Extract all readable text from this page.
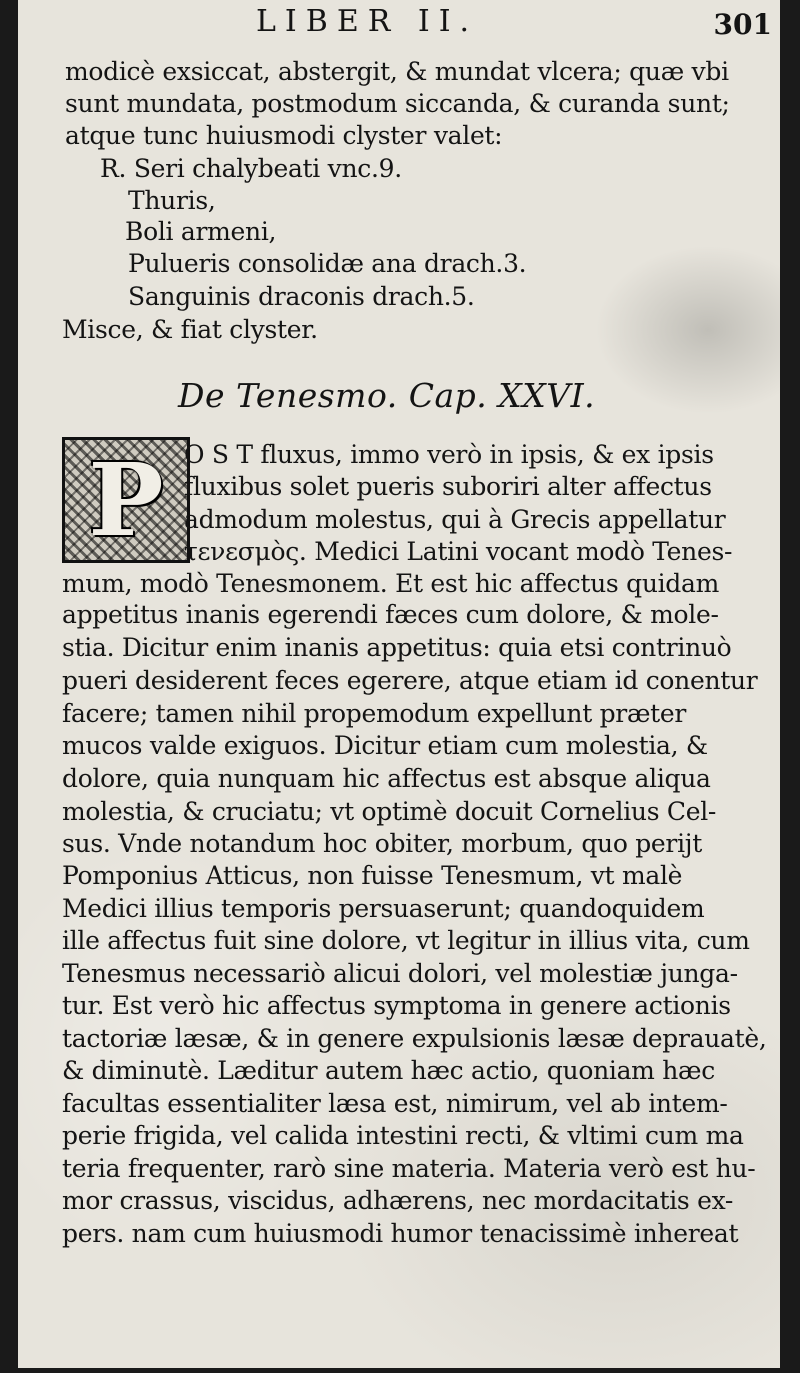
LIBER II.	301
modicè exsiccat, abstergit, & mundat vlcera; quæ vbi
sunt mundata, postmodum siccanda, & curanda sunt;
atque tunc huiusmodi clyster valet:
R. Seri chalybeati vnc.9.
Thuris,
Boli armeni,
Pulueris consolidæ ana drach.3.
Sanguinis draconis drach.5.
Misce, & fiat clyster.
De Tenesmo. Cap. XXVI.
P O S T fluxus, immo verò in ipsis, & ex ipsis
fluxibus solet pueris suboriri alter affectus
admodum molestus, qui à Grecis appellatur
τενεσμὸς. Medici Latini vocant modò Tenes-
mum, modò Tenesmonem. Et est hic affectus quidam
appetitus inanis egerendi fæces cum dolore, & mole-
stia. Dicitur enim inanis appetitus: quia etsi contrinuò
pueri desiderent feces egerere, atque etiam id conentur
facere; tamen nihil propemodum expellunt præter
mucos valde exiguos. Dicitur etiam cum molestia, &
dolore, quia nunquam hic affectus est absque aliqua
molestia, & cruciatu; vt optimè docuit Cornelius Cel-
sus. Vnde notandum hoc obiter, morbum, quo perijt
Pomponius Atticus, non fuisse Tenesmum, vt malè
Medici illius temporis persuaserunt; quandoquidem
ille affectus fuit sine dolore, vt legitur in illius vita, cum
Tenesmus necessariò alicui dolori, vel molestiæ junga-
tur. Est verò hic affectus symptoma in genere actionis
tactoriæ læsæ, & in genere expulsionis læsæ deprauatè,
& diminutè. Læditur autem hæc actio, quoniam hæc
facultas essentialiter læsa est, nimirum, vel ab intem-
perie frigida, vel calida intestini recti, & vltimi cum ma
teria frequenter, rarò sine materia. Materia verò est hu-
mor crassus, viscidus, adhærens, nec mordacitatis ex-
pers. nam cum huiusmodi humor tenacissimè inhereat
